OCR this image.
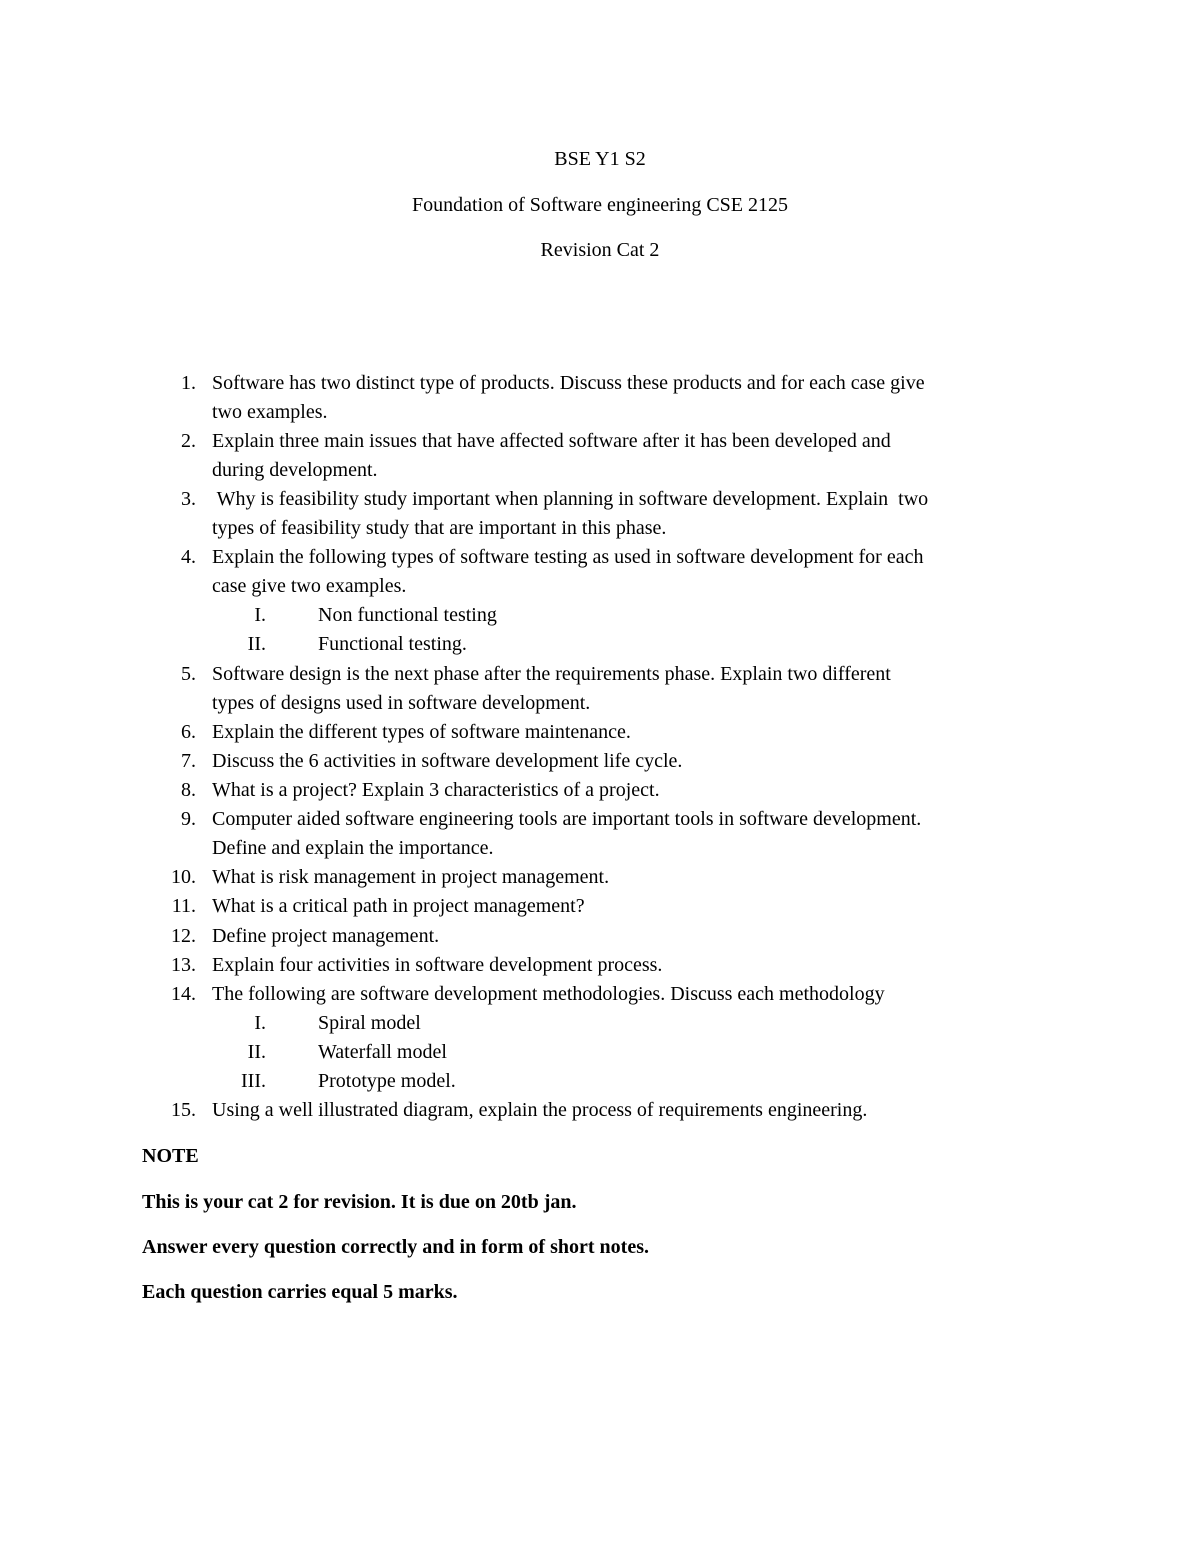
BSE Y1 S2
Foundation of Software engineering CSE 2125
Revision Cat 2
1. Software has two distinct type of products. Discuss these products and for each case give
two examples.
2. Explain three main issues that have affected software after it has been developed and
during development.
3. Why is feasibility study important when planning in software development. Explain  two
types of feasibility study that are important in this phase.
4. Explain the following types of software testing as used in software development for each
case give two examples.
I.	Non functional testing
II.	Functional testing.
5. Software design is the next phase after the requirements phase. Explain two different
types of designs used in software development.
6. Explain the different types of software maintenance.
7. Discuss the 6 activities in software development life cycle.
8. What is a project? Explain 3 characteristics of a project.
9. Computer aided software engineering tools are important tools in software development.
Define and explain the importance.
10. What is risk management in project management.
11. What is a critical path in project management?
12. Define project management.
13. Explain four activities in software development process.
14. The following are software development methodologies. Discuss each methodology
I.	Spiral model
II.	Waterfall model
III.	Prototype model.
15. Using a well illustrated diagram, explain the process of requirements engineering.
NOTE
This is your cat 2 for revision. It is due on 20tb jan.
Answer every question correctly and in form of short notes.
Each question carries equal 5 marks.
